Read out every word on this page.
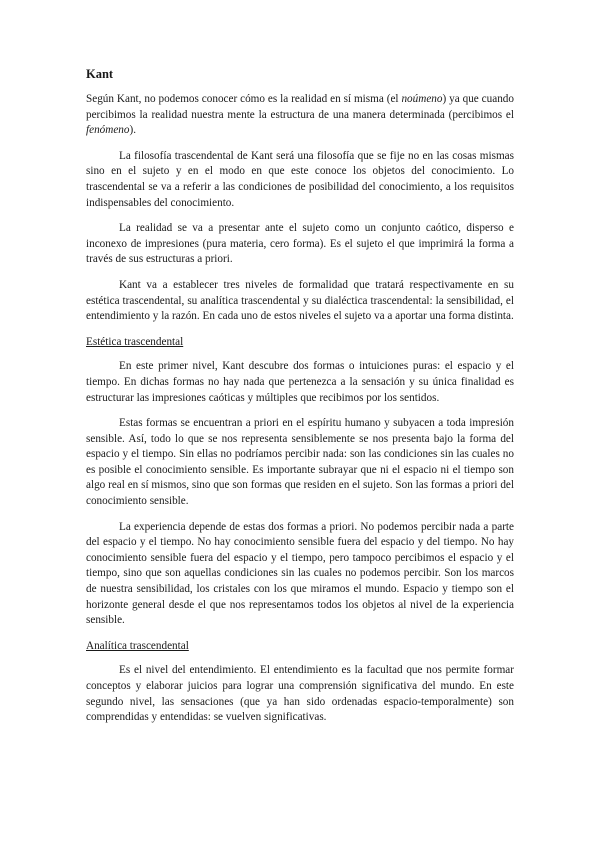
Kant

Según Kant, no podemos conocer cómo es la realidad en sí misma (el noúmeno) ya que cuando percibimos la realidad nuestra mente la estructura de una manera determinada (percibimos el fenómeno).

La filosofía trascendental de Kant será una filosofía que se fije no en las cosas mismas sino en el sujeto y en el modo en que este conoce los objetos del conocimiento. Lo trascendental se va a referir a las condiciones de posibilidad del conocimiento, a los requisitos indispensables del conocimiento.

La realidad se va a presentar ante el sujeto como un conjunto caótico, disperso e inconexo de impresiones (pura materia, cero forma). Es el sujeto el que imprimirá la forma a través de sus estructuras a priori.

Kant va a establecer tres niveles de formalidad que tratará respectivamente en su estética trascendental, su analítica trascendental y su dialéctica trascendental: la sensibilidad, el entendimiento y la razón. En cada uno de estos niveles el sujeto va a aportar una forma distinta.

Estética trascendental

En este primer nivel, Kant descubre dos formas o intuiciones puras: el espacio y el tiempo. En dichas formas no hay nada que pertenezca a la sensación y su única finalidad es estructurar las impresiones caóticas y múltiples que recibimos por los sentidos.

Estas formas se encuentran a priori en el espíritu humano y subyacen a toda impresión sensible. Así, todo lo que se nos representa sensiblemente se nos presenta bajo la forma del espacio y el tiempo. Sin ellas no podríamos percibir nada: son las condiciones sin las cuales no es posible el conocimiento sensible. Es importante subrayar que ni el espacio ni el tiempo son algo real en sí mismos, sino que son formas que residen en el sujeto. Son las formas a priori del conocimiento sensible.

La experiencia depende de estas dos formas a priori. No podemos percibir nada a parte del espacio y el tiempo. No hay conocimiento sensible fuera del espacio y del tiempo. No hay conocimiento sensible fuera del espacio y el tiempo, pero tampoco percibimos el espacio y el tiempo, sino que son aquellas condiciones sin las cuales no podemos percibir. Son los marcos de nuestra sensibilidad, los cristales con los que miramos el mundo. Espacio y tiempo son el horizonte general desde el que nos representamos todos los objetos al nivel de la experiencia sensible.

Analítica trascendental

Es el nivel del entendimiento. El entendimiento es la facultad que nos permite formar conceptos y elaborar juicios para lograr una comprensión significativa del mundo. En este segundo nivel, las sensaciones (que ya han sido ordenadas espacio-temporalmente) son comprendidas y entendidas: se vuelven significativas.
